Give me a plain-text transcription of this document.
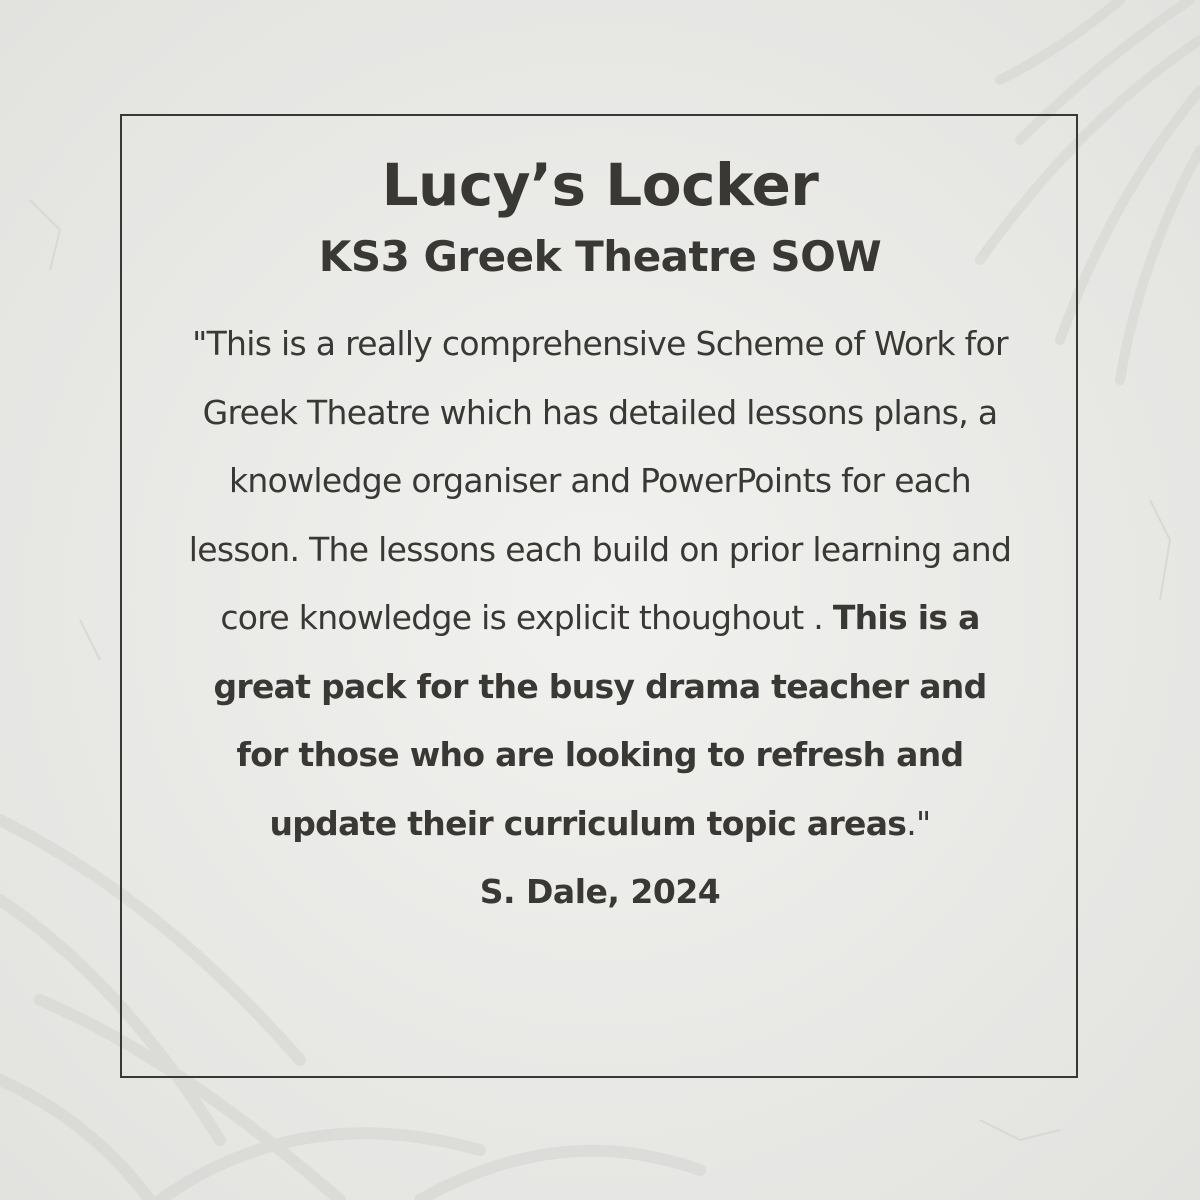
Lucy’s Locker
KS3 Greek Theatre SOW

"This is a really comprehensive Scheme of Work for Greek Theatre which has detailed lessons plans, a knowledge organiser and PowerPoints for each lesson. The lessons each build on prior learning and core knowledge is explicit thoughout . This is a great pack for the busy drama teacher and for those who are looking to refresh and update their curriculum topic areas."

S. Dale, 2024
